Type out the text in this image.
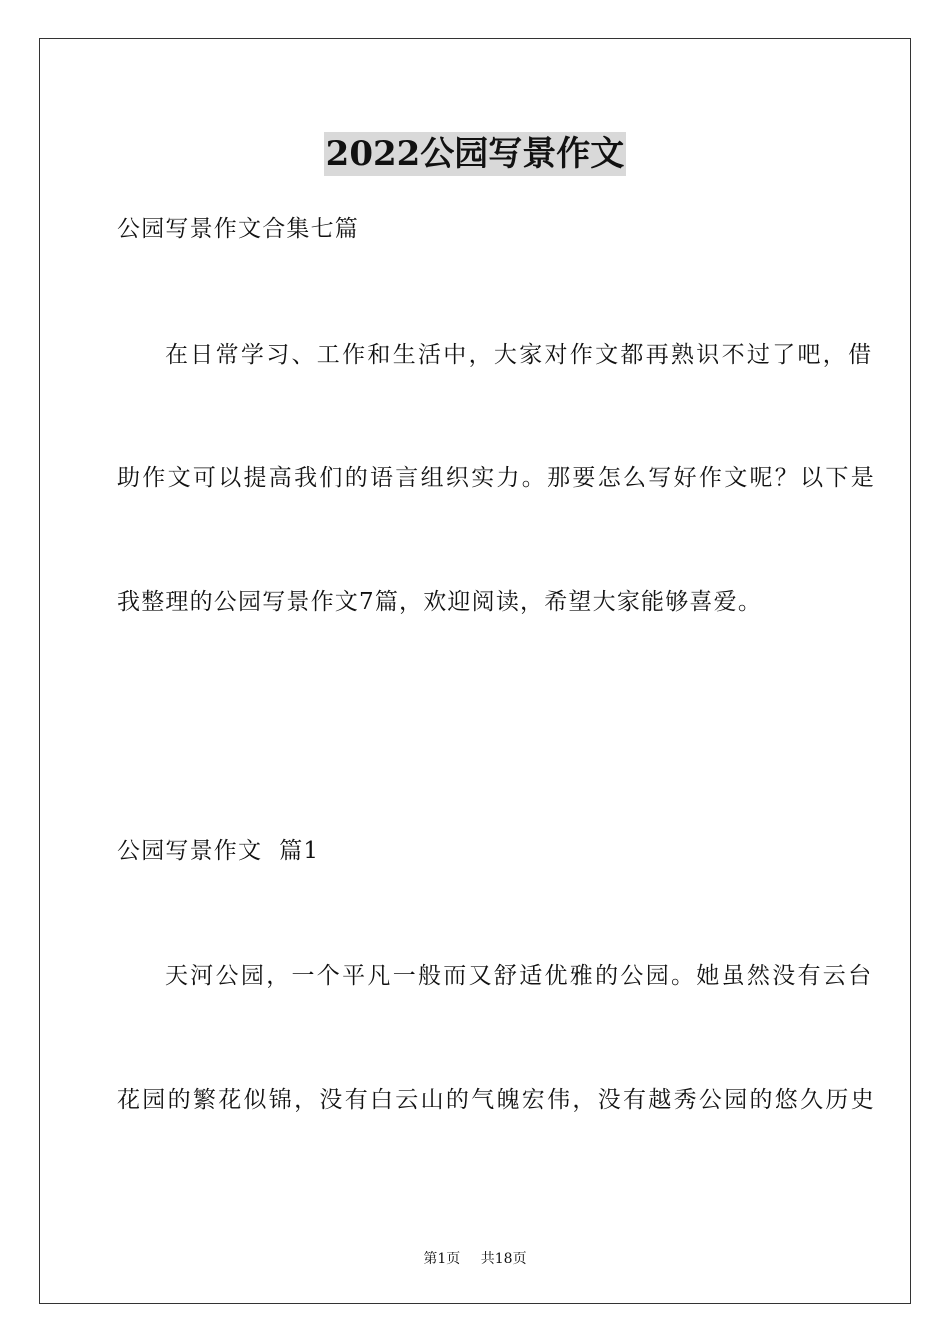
2022公园写景作文
公园写景作文合集七篇
在日常学习、工作和生活中，大家对作文都再熟识不过了吧，借
助作文可以提高我们的语言组织实力。那要怎么写好作文呢？以下是
我整理的公园写景作文7篇，欢迎阅读，希望大家能够喜爱。
公园写景作文  篇1
天河公园，一个平凡一般而又舒适优雅的公园。她虽然没有云台
花园的繁花似锦，没有白云山的气魄宏伟，没有越秀公园的悠久历史
第1页 共18页
